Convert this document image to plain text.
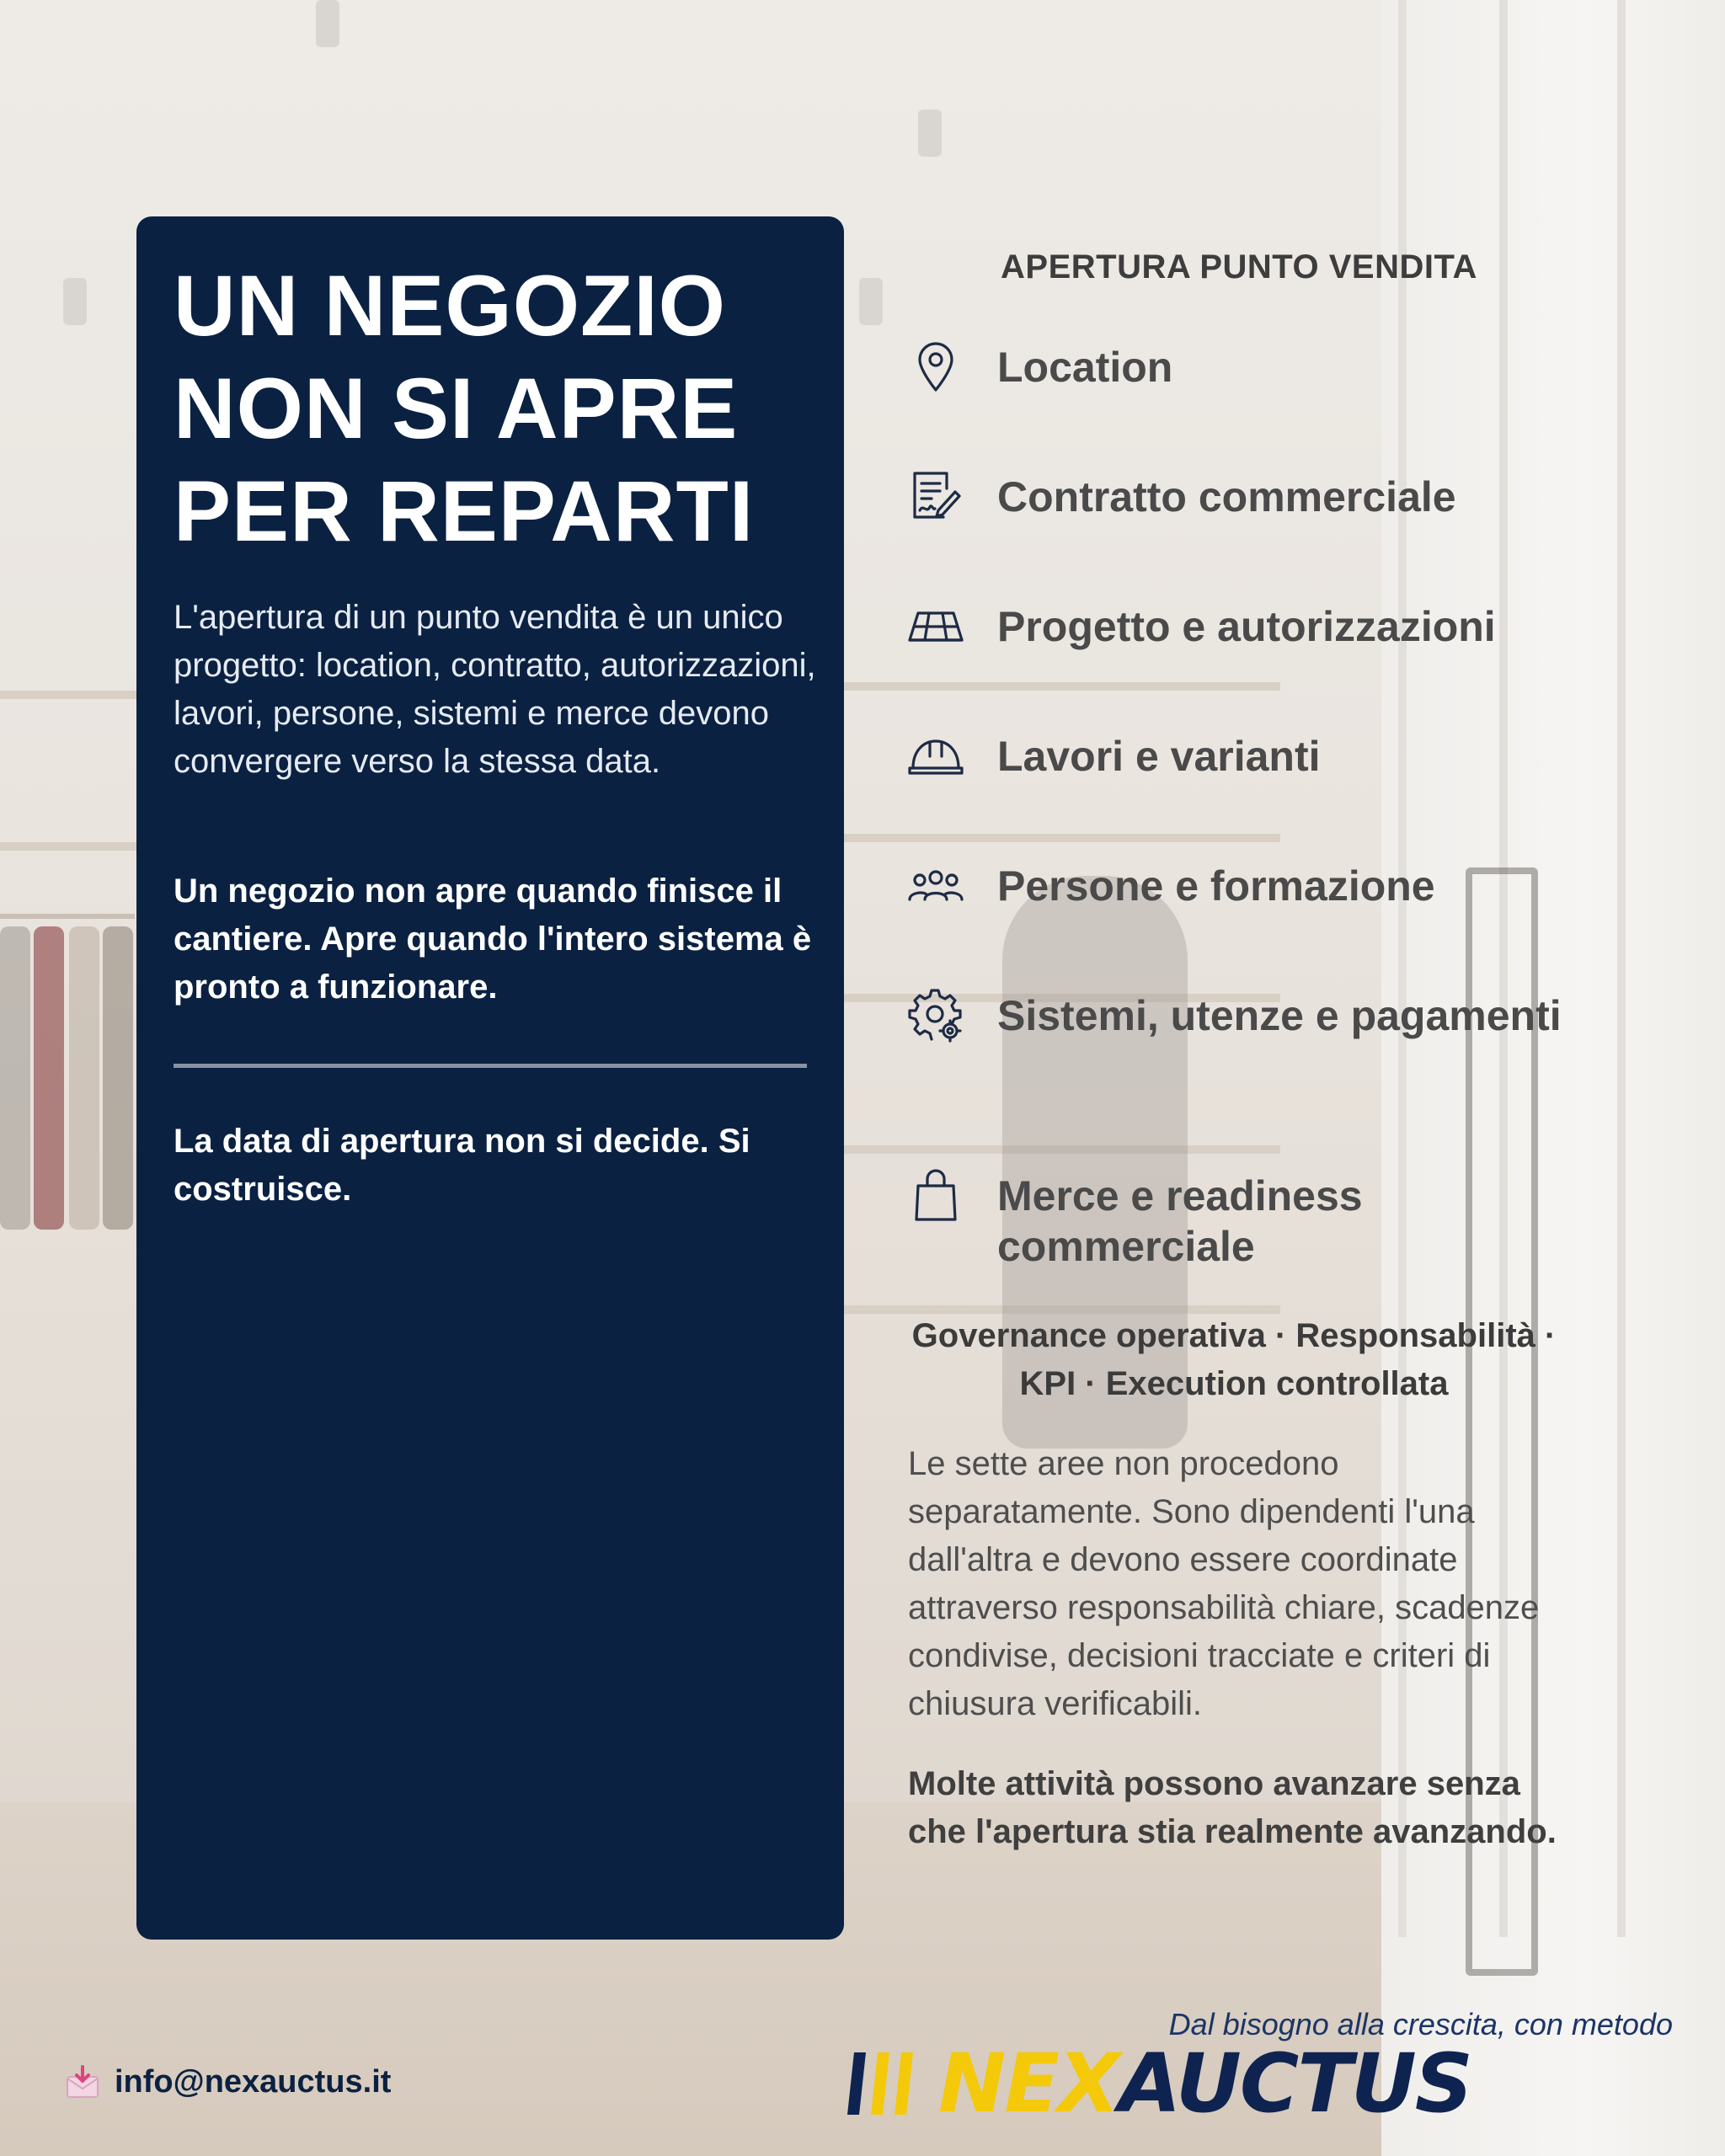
UN NEGOZIO
NON SI APRE
PER REPARTI

L'apertura di un punto vendita è un unico progetto: location, contratto, autorizzazioni, lavori, persone, sistemi e merce devono convergere verso la stessa data.

Un negozio non apre quando finisce il cantiere. Apre quando l'intero sistema è pronto a funzionare.

La data di apertura non si decide. Si costruisce.

APERTURA PUNTO VENDITA

Location

Contratto commerciale

Progetto e autorizzazioni

Lavori e varianti

Persone e formazione

Sistemi, utenze e pagamenti

Merce e readiness commerciale

Governance operativa · Responsabilità · KPI · Execution controllata

Le sette aree non procedono separatamente. Sono dipendenti l'una dall'altra e devono essere coordinate attraverso responsabilità chiare, scadenze condivise, decisioni tracciate e criteri di chiusura verificabili.

Molte attività possono avanzare senza che l'apertura stia realmente avanzando.

info@nexauctus.it

Dal bisogno alla crescita, con metodo

NEXAUCTUS
